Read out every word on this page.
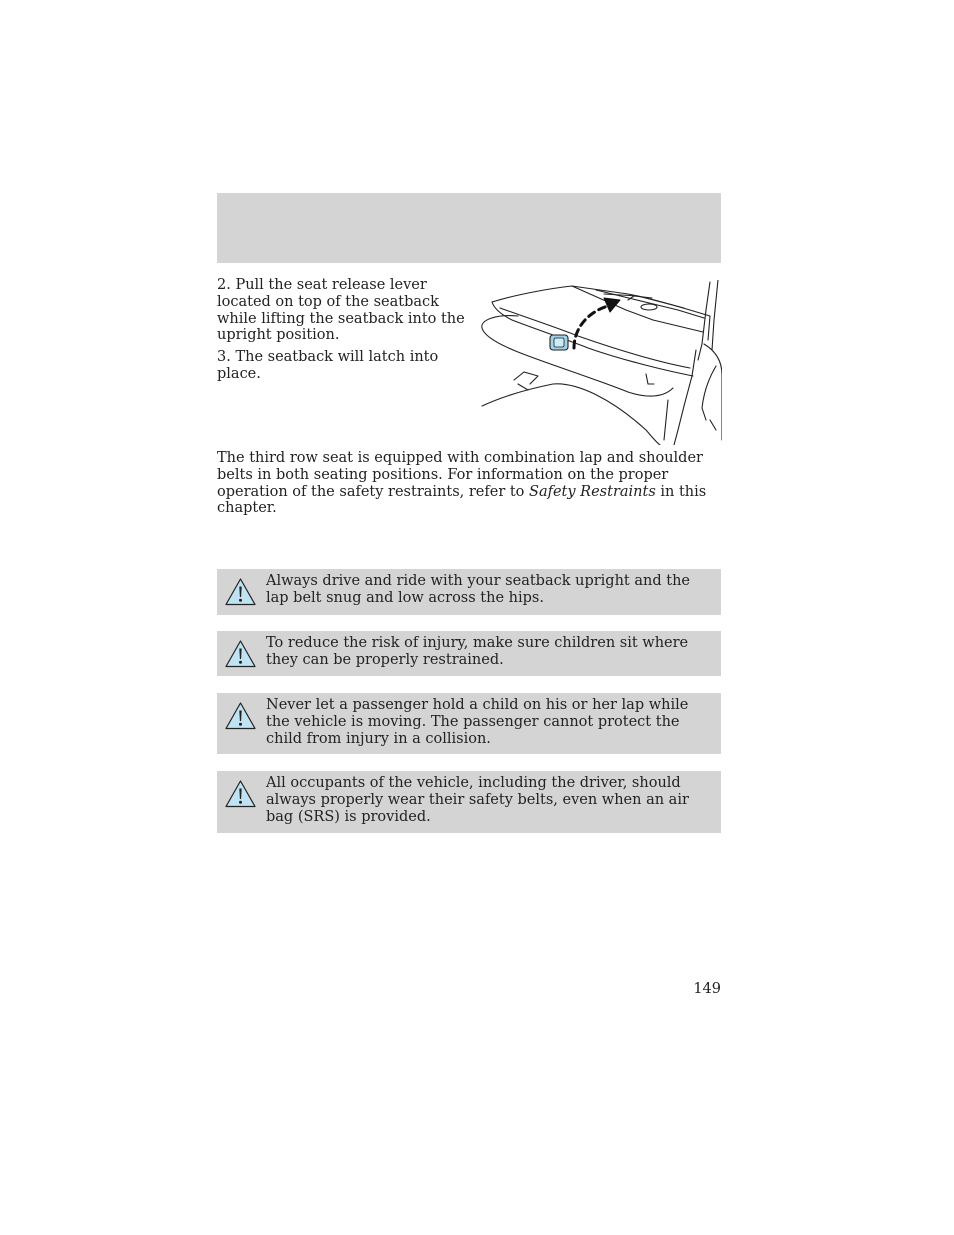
2. Pull the seat release lever located on top of the seatback while lifting the seatback into the upright position.

3. The seatback will latch into place.

The third row seat is equipped with combination lap and shoulder belts in both seating positions. For information on the proper operation of the safety restraints, refer to Safety Restraints in this chapter.

Always drive and ride with your seatback upright and the lap belt snug and low across the hips.
To reduce the risk of injury, make sure children sit where they can be properly restrained.
Never let a passenger hold a child on his or her lap while the vehicle is moving. The passenger cannot protect the child from injury in a collision.
All occupants of the vehicle, including the driver, should always properly wear their safety belts, even when an air bag (SRS) is provided.
149
